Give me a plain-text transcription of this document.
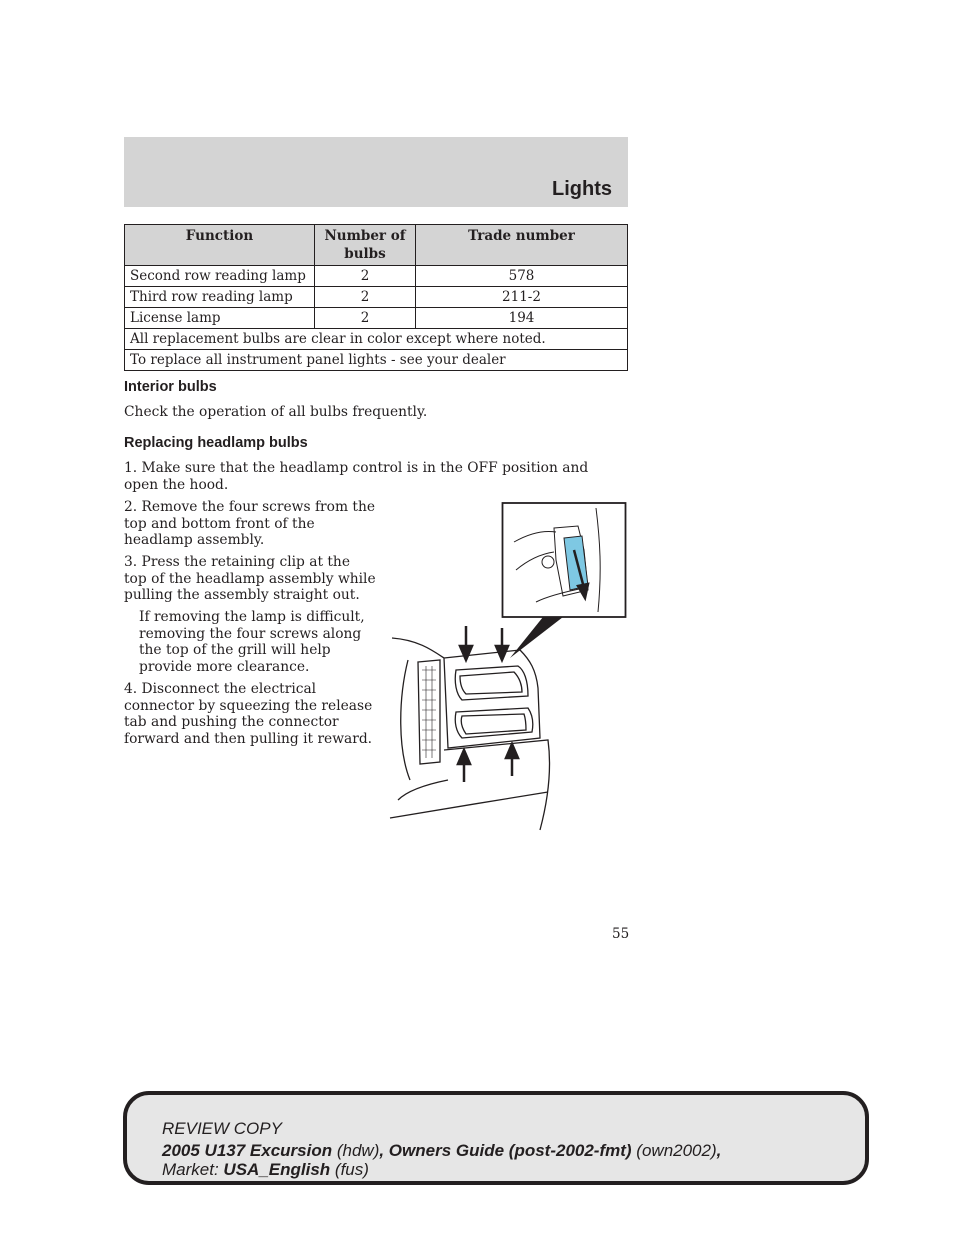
Lights
Function	Number of bulbs	Trade number
Second row reading lamp	2	578
Third row reading lamp	2	211-2
License lamp	2	194
All replacement bulbs are clear in color except where noted.		
To replace all instrument panel lights - see your dealer		
Interior bulbs

Check the operation of all bulbs frequently.

Replacing headlamp bulbs

1. Make sure that the headlamp control is in the OFF position and open the hood.

2. Remove the four screws from the top and bottom front of the headlamp assembly.

3. Press the retaining clip at the top of the headlamp assembly while pulling the assembly straight out.

If removing the lamp is difficult, removing the four screws along the top of the grill will help provide more clearance.

4. Disconnect the electrical connector by squeezing the release tab and pushing the connector forward and then pulling it reward.

55
REVIEW COPY
2005 U137 Excursion (hdw), Owners Guide (post-2002-fmt) (own2002),
Market: USA_English (fus)
